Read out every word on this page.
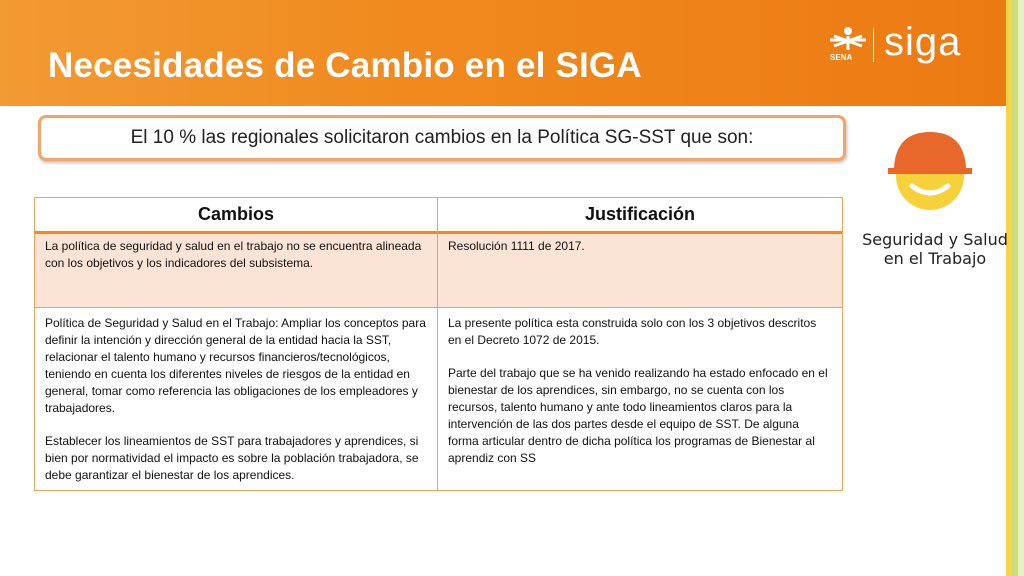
Necesidades de Cambio en el SIGA	SENA siga
El 10 % las regionales solicitaron cambios en la Política SG-SST que son:
Cambios	Justificación

La política de seguridad y salud en el trabajo no se encuentra alineada con los objetivos y los indicadores del subsistema.

Resolución 1111 de 2017.

Política de Seguridad y Salud en el Trabajo: Ampliar los conceptos para definir la intención y dirección general de la entidad hacia la SST, relacionar el talento humano y recursos financieros/tecnológicos, teniendo en cuenta los diferentes niveles de riesgos de la entidad en general, tomar como referencia las obligaciones de los empleadores y trabajadores.

Establecer los lineamientos de SST para trabajadores y aprendices, si bien por normatividad el impacto es sobre la población trabajadora, se debe garantizar el bienestar de los aprendices.

La presente política esta construida solo con los 3 objetivos descritos en el Decreto 1072 de 2015.

Parte del trabajo que se ha venido realizando ha estado enfocado en el bienestar de los aprendices, sin embargo, no se cuenta con los recursos, talento humano y ante todo lineamientos claros para la intervención de las dos partes desde el equipo de SST. De alguna forma articular dentro de dicha política los programas de Bienestar al aprendiz con SS

Seguridad y Salud
en el Trabajo
